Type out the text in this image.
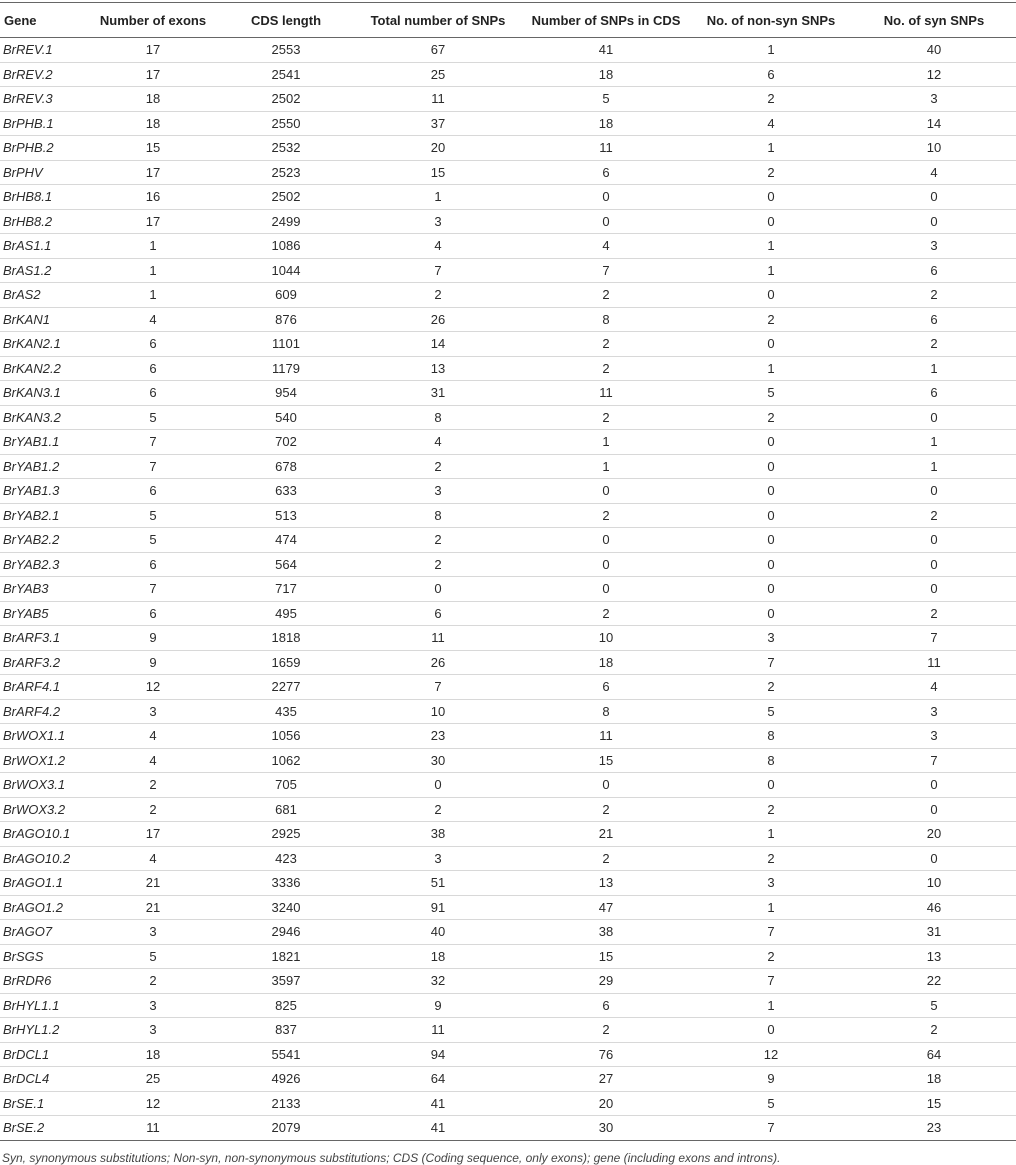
Gene	Number of exons	CDS length	Total number of SNPs	Number of SNPs in CDS	No. of non-syn SNPs	No. of syn SNPs
BrREV.1	17	2553	67	41	1	40
BrREV.2	17	2541	25	18	6	12
BrREV.3	18	2502	11	5	2	3
BrPHB.1	18	2550	37	18	4	14
BrPHB.2	15	2532	20	11	1	10
BrPHV	17	2523	15	6	2	4
BrHB8.1	16	2502	1	0	0	0
BrHB8.2	17	2499	3	0	0	0
BrAS1.1	1	1086	4	4	1	3
BrAS1.2	1	1044	7	7	1	6
BrAS2	1	609	2	2	0	2
BrKAN1	4	876	26	8	2	6
BrKAN2.1	6	1101	14	2	0	2
BrKAN2.2	6	1179	13	2	1	1
BrKAN3.1	6	954	31	11	5	6
BrKAN3.2	5	540	8	2	2	0
BrYAB1.1	7	702	4	1	0	1
BrYAB1.2	7	678	2	1	0	1
BrYAB1.3	6	633	3	0	0	0
BrYAB2.1	5	513	8	2	0	2
BrYAB2.2	5	474	2	0	0	0
BrYAB2.3	6	564	2	0	0	0
BrYAB3	7	717	0	0	0	0
BrYAB5	6	495	6	2	0	2
BrARF3.1	9	1818	11	10	3	7
BrARF3.2	9	1659	26	18	7	11
BrARF4.1	12	2277	7	6	2	4
BrARF4.2	3	435	10	8	5	3
BrWOX1.1	4	1056	23	11	8	3
BrWOX1.2	4	1062	30	15	8	7
BrWOX3.1	2	705	0	0	0	0
BrWOX3.2	2	681	2	2	2	0
BrAGO10.1	17	2925	38	21	1	20
BrAGO10.2	4	423	3	2	2	0
BrAGO1.1	21	3336	51	13	3	10
BrAGO1.2	21	3240	91	47	1	46
BrAGO7	3	2946	40	38	7	31
BrSGS	5	1821	18	15	2	13
BrRDR6	2	3597	32	29	7	22
BrHYL1.1	3	825	9	6	1	5
BrHYL1.2	3	837	11	2	0	2
BrDCL1	18	5541	94	76	12	64
BrDCL4	25	4926	64	27	9	18
BrSE.1	12	2133	41	20	5	15
BrSE.2	11	2079	41	30	7	23
Syn, synonymous substitutions; Non-syn, non-synonymous substitutions; CDS (Coding sequence, only exons); gene (including exons and introns).
